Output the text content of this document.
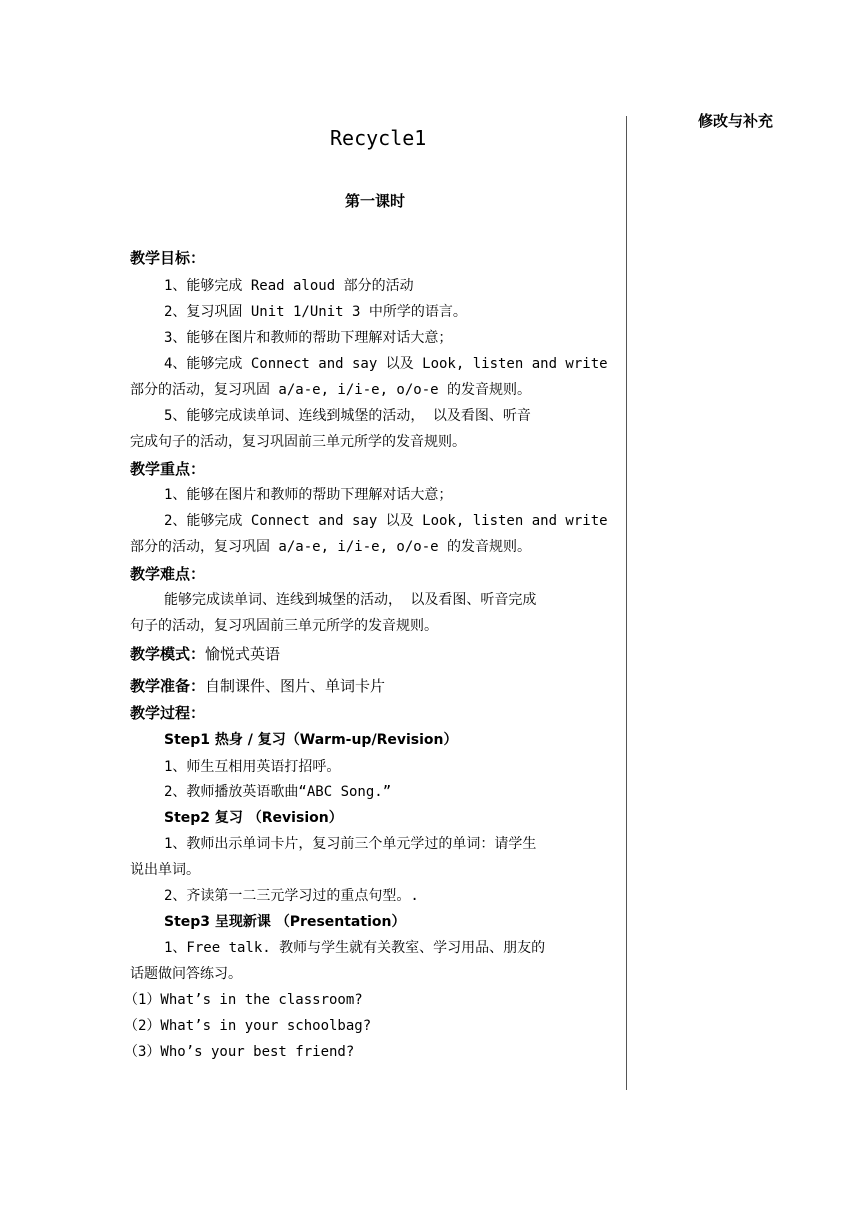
修改与补充
Recycle1
第一课时
教学目标：
1、能够完成 Read aloud 部分的活动
2、复习巩固 Unit 1/Unit 3 中所学的语言。
3、能够在图片和教师的帮助下理解对话大意；
4、能够完成 Connect and say 以及 Look, listen and write
部分的活动，复习巩固 a/a-e, i/i-e, o/o-e 的发音规则。
5、能够完成读单词、连线到城堡的活动， 以及看图、听音
完成句子的活动，复习巩固前三单元所学的发音规则。
教学重点：
1、能够在图片和教师的帮助下理解对话大意；
2、能够完成 Connect and say 以及 Look, listen and write
部分的活动，复习巩固 a/a-e, i/i-e, o/o-e 的发音规则。
教学难点：
能够完成读单词、连线到城堡的活动， 以及看图、听音完成
句子的活动，复习巩固前三单元所学的发音规则。
教学模式：愉悦式英语
教学准备：自制课件、图片、单词卡片
教学过程：
Step1 热身 / 复习（Warm-up/Revision）
1、师生互相用英语打招呼。
2、教师播放英语歌曲“ABC Song.”
Step2 复习 （Revision）
1、教师出示单词卡片，复习前三个单元学过的单词：请学生
说出单词。
2、齐读第一二三元学习过的重点句型。.
Step3 呈现新课 （Presentation）
1、Free talk. 教师与学生就有关教室、学习用品、朋友的
话题做问答练习。
（1）What’s in the classroom?
（2）What’s in your schoolbag?
（3）Who’s your best friend?
